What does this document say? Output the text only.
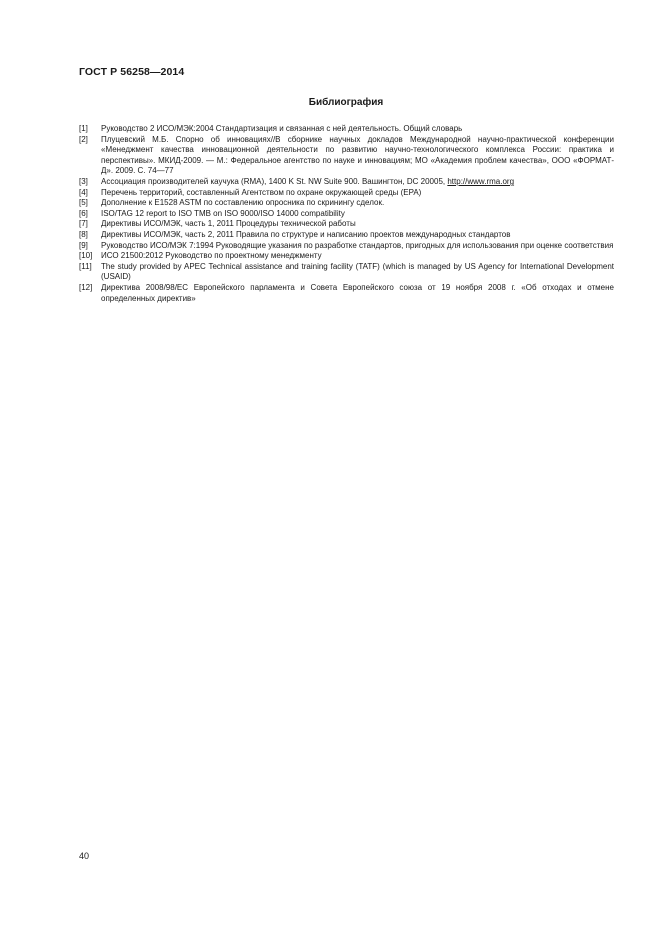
ГОСТ Р 56258—2014
Библиография
[1]	Руководство 2 ИСО/МЭК:2004 Стандартизация и связанная с ней деятельность. Общий словарь
[2]	Плуцевский М.Б. Спорно об инновациях//В сборнике научных докладов Международной научно-практической конференции «Менеджмент качества инновационной деятельности по развитию научно-технологического комплекса России: практика и перспективы». МКИД-2009. — М.: Федеральное агентство по науке и инновациям; МО «Академия проблем качества», ООО «ФОРМАТ-Д». 2009. С. 74—77
[3]	Ассоциация производителей каучука (RMA), 1400 K St. NW Suite 900. Вашингтон, DC 20005, http://www.rma.org
[4]	Перечень территорий, составленный Агентством по охране окружающей среды (EPA)
[5]	Дополнение к E1528 ASTM по составлению опросника по скринингу сделок.
[6]	ISO/TAG 12 report to ISO TMB on ISO 9000/ISO 14000 compatibility
[7]	Директивы ИСО/МЭК, часть 1, 2011 Процедуры технической работы
[8]	Директивы ИСО/МЭК, часть 2, 2011 Правила по структуре и написанию проектов международных стандартов
[9]	Руководство ИСО/МЭК 7:1994 Руководящие указания по разработке стандартов, пригодных для использования при оценке соответствия
[10]	ИСО 21500:2012 Руководство по проектному менеджменту
[11]	The study provided by APEC Technical assistance and training facility (TATF) (which is managed by US Agency for International Development (USAID)
[12]	Директива 2008/98/ЕС Европейского парламента и Совета Европейского союза от 19 ноября 2008 г. «Об отходах и отмене определенных директив»
40
